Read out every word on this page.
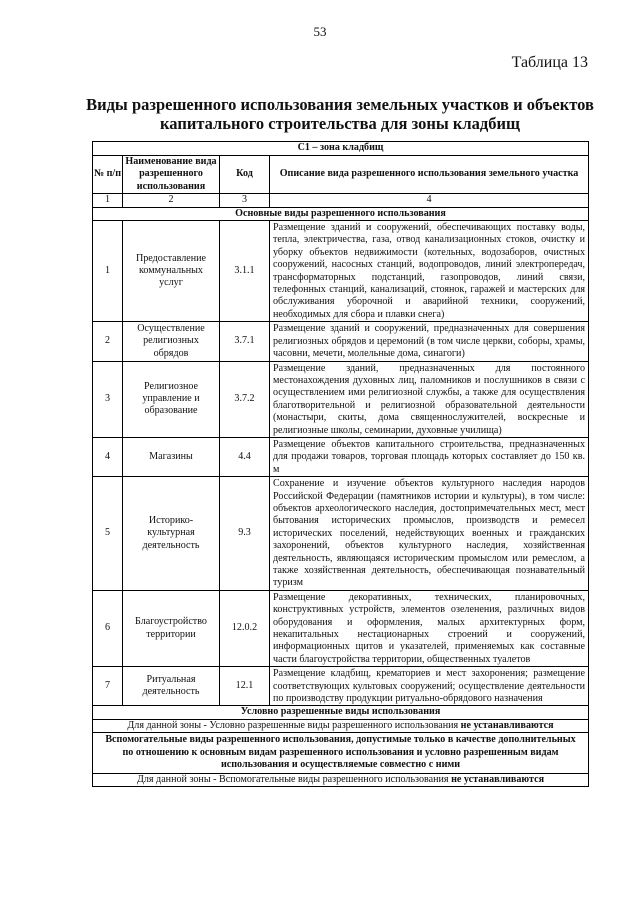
53
Таблица 13
Виды разрешенного использования земельных участков и объектов
капитального строительства для зоны кладбищ
С1 – зона кладбищ			
№ п/п	Наименование вида разрешенного использования	Код	Описание вида разрешенного использования земельного участка
1	2	3	4
Основные виды разрешенного использования			
1	Предоставление коммунальных услуг	3.1.1	Размещение зданий и сооружений, обеспечивающих поставку воды, тепла, электричества, газа, отвод канализационных стоков, очистку и уборку объектов недвижимости (котельных, водозаборов, очистных сооружений, насосных станций, водопроводов, линий электропередач, трансформаторных подстанций, газопроводов, линий связи, телефонных станций, канализаций, стоянок, гаражей и мастерских для обслуживания уборочной и аварийной техники, сооружений, необходимых для сбора и плавки снега)
2	Осуществление религиозных обрядов	3.7.1	Размещение зданий и сооружений, предназначенных для совершения религиозных обрядов и церемоний (в том числе церкви, соборы, храмы, часовни, мечети, молельные дома, синагоги)
3	Религиозное управление и образование	3.7.2	Размещение зданий, предназначенных для постоянного местонахождения духовных лиц, паломников и послушников в связи с осуществлением ими религиозной службы, а также для осуществления благотворительной и религиозной образовательной деятельности (монастыри, скиты, дома священнослужителей, воскресные и религиозные школы, семинарии, духовные училища)
4	Магазины	4.4	Размещение объектов капитального строительства, предназначенных для продажи товаров, торговая площадь которых составляет до 150 кв. м
5	Историко-культурная деятельность	9.3	Сохранение и изучение объектов культурного наследия народов Российской Федерации (памятников истории и культуры), в том числе: объектов археологического наследия, достопримечательных мест, мест бытования исторических промыслов, производств и ремесел исторических поселений, недействующих военных и гражданских захоронений, объектов культурного наследия, хозяйственная деятельность, являющаяся историческим промыслом или ремеслом, а также хозяйственная деятельность, обеспечивающая познавательный туризм
6	Благоустройство территории	12.0.2	Размещение декоративных, технических, планировочных, конструктивных устройств, элементов озеленения, различных видов оборудования и оформления, малых архитектурных форм, некапитальных нестационарных строений и сооружений, информационных щитов и указателей, применяемых как составные части благоустройства территории, общественных туалетов
7	Ритуальная деятельность	12.1	Размещение кладбищ, крематориев и мест захоронения; размещение соответствующих культовых сооружений; осуществление деятельности по производству продукции ритуально-обрядового назначения
Условно разрешенные виды использования			
Для данной зоны - Условно разрешенные виды разрешенного использования не устанавливаются			
Вспомогательные виды разрешенного использования, допустимые только в качестве дополнительных по отношению к основным видам разрешенного использования и условно разрешенным видам использования и осуществляемые совместно с ними			
Для данной зоны - Вспомогательные виды разрешенного использования не устанавливаются			
